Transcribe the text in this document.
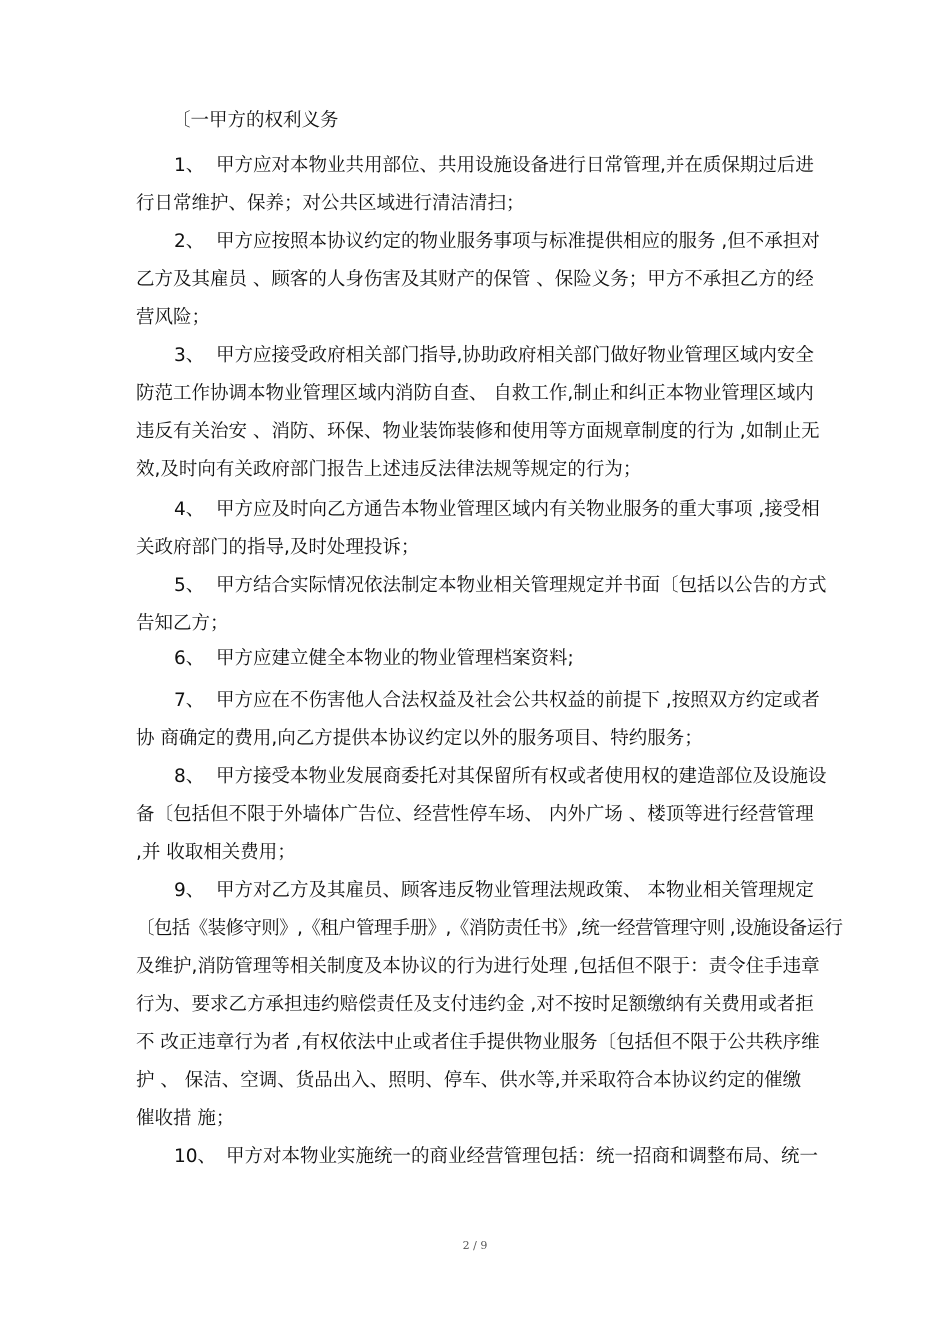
〔一甲方的权利义务
1、 甲方应对本物业共用部位、共用设施设备进行日常管理,并在质保期过后进
行日常维护、保养；对公共区域进行清洁清扫；
2、 甲方应按照本协议约定的物业服务事项与标准提供相应的服务 ,但不承担对
乙方及其雇员 、顾客的人身伤害及其财产的保管 、保险义务；甲方不承担乙方的经
营风险；
3、 甲方应接受政府相关部门指导,协助政府相关部门做好物业管理区域内安全
防范工作协调本物业管理区域内消防自查、 自救工作,制止和纠正本物业管理区域内
违反有关治安 、消防、环保、物业装饰装修和使用等方面规章制度的行为 ,如制止无
效,及时向有关政府部门报告上述违反法律法规等规定的行为；
4、 甲方应及时向乙方通告本物业管理区域内有关物业服务的重大事项 ,接受相
关政府部门的指导,及时处理投诉；
5、 甲方结合实际情况依法制定本物业相关管理规定并书面〔包括以公告的方式
告知乙方；
6、 甲方应建立健全本物业的物业管理档案资料;
7、 甲方应在不伤害他人合法权益及社会公共权益的前提下 ,按照双方约定或者
协 商确定的费用,向乙方提供本协议约定以外的服务项目、特约服务；
8、 甲方接受本物业发展商委托对其保留所有权或者使用权的建造部位及设施设
备〔包括但不限于外墙体广告位、经营性停车场、 内外广场 、楼顶等进行经营管理
,并 收取相关费用；
9、 甲方对乙方及其雇员、顾客违反物业管理法规政策、 本物业相关管理规定
〔包括《装修守则》,《租户管理手册》,《消防责任书》,统一经营管理守则 ,设施设备运行
及维护,消防管理等相关制度及本协议的行为进行处理 ,包括但不限于：责令住手违章
行为、要求乙方承担违约赔偿责任及支付违约金 ,对不按时足额缴纳有关费用或者拒
不 改正违章行为者 ,有权依法中止或者住手提供物业服务〔包括但不限于公共秩序维
护 、 保洁、空调、货品出入、照明、停车、供水等,并采取符合本协议约定的催缴
催收措 施；
10、 甲方对本物业实施统一的商业经营管理包括：统一招商和调整布局、统一
2 / 9
